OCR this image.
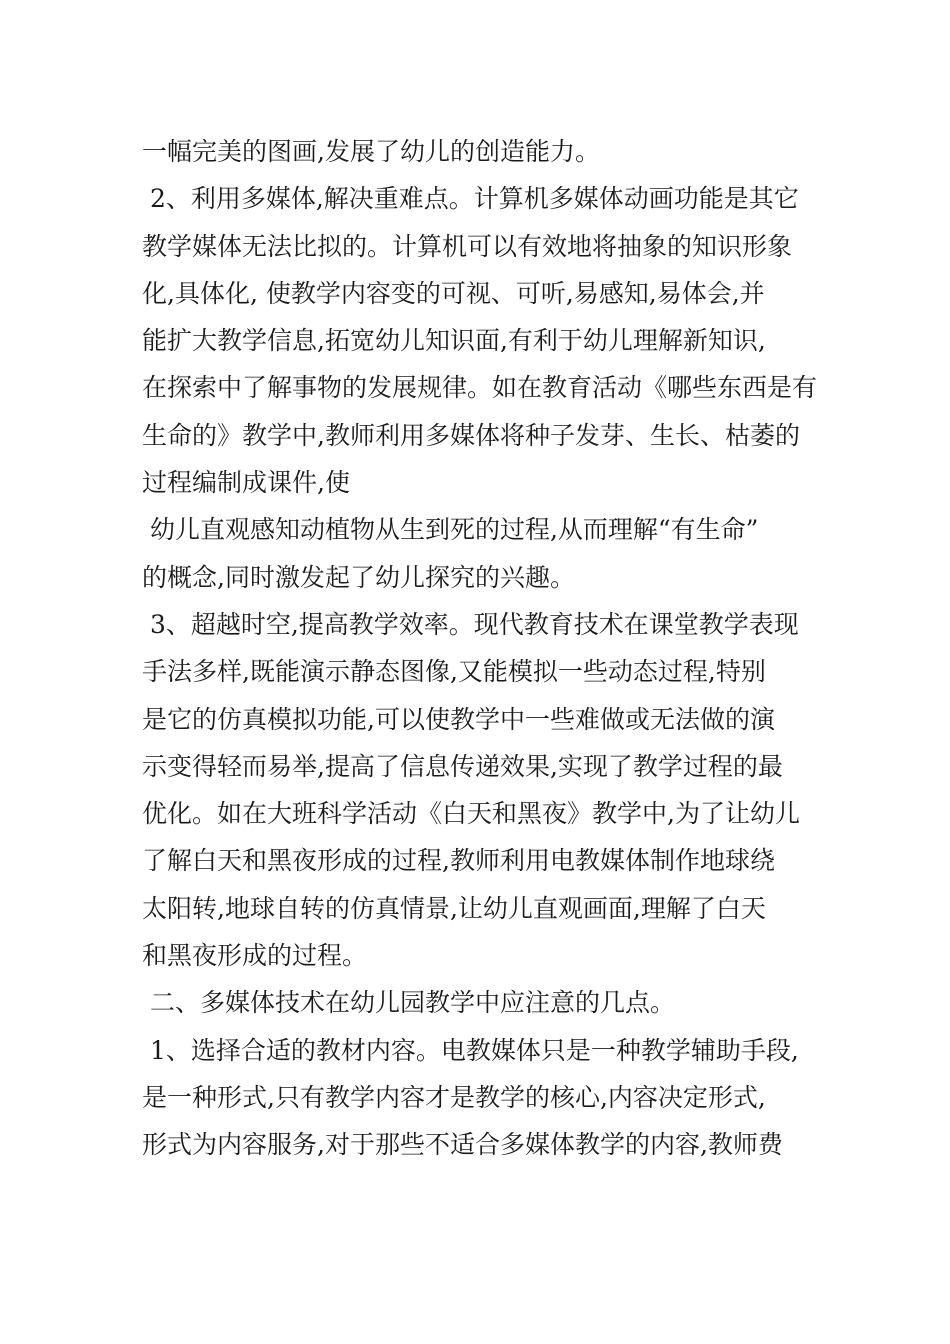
一幅完美的图画,发展了幼儿的创造能力。
2、利用多媒体,解决重难点。计算机多媒体动画功能是其它
教学媒体无法比拟的。计算机可以有效地将抽象的知识形象
化,具体化, 使教学内容变的可视、可听,易感知,易体会,并
能扩大教学信息,拓宽幼儿知识面,有利于幼儿理解新知识,
在探索中了解事物的发展规律。如在教育活动《哪些东西是有
生命的》教学中,教师利用多媒体将种子发芽、生长、枯萎的
过程编制成课件,使
幼儿直观感知动植物从生到死的过程,从而理解“有生命”
的概念,同时激发起了幼儿探究的兴趣。
3、超越时空,提高教学效率。现代教育技术在课堂教学表现
手法多样,既能演示静态图像,又能模拟一些动态过程,特别
是它的仿真模拟功能,可以使教学中一些难做或无法做的演
示变得轻而易举,提高了信息传递效果,实现了教学过程的最
优化。如在大班科学活动《白天和黑夜》教学中,为了让幼儿
了解白天和黑夜形成的过程,教师利用电教媒体制作地球绕
太阳转,地球自转的仿真情景,让幼儿直观画面,理解了白天
和黑夜形成的过程。
二、多媒体技术在幼儿园教学中应注意的几点。
1、选择合适的教材内容。电教媒体只是一种教学辅助手段,
是一种形式,只有教学内容才是教学的核心,内容决定形式,
形式为内容服务,对于那些不适合多媒体教学的内容,教师费
